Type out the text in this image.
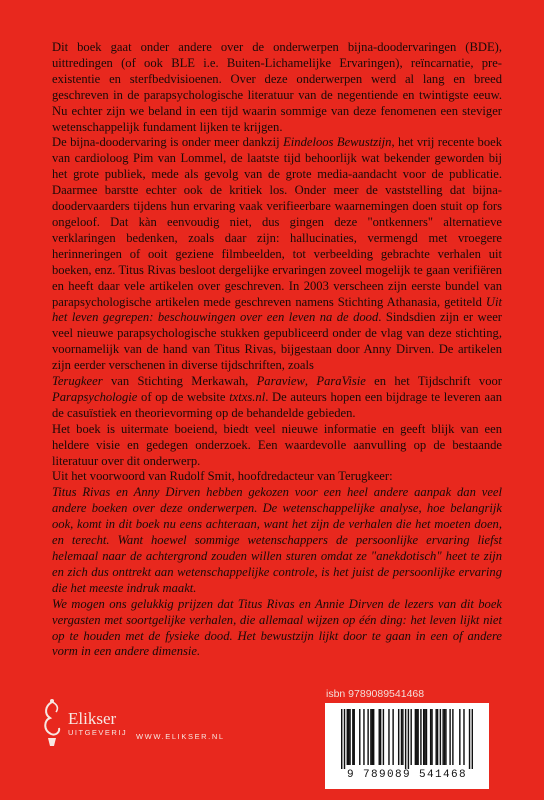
Dit boek gaat onder andere over de onderwerpen bijna-doodervaringen (BDE), uittredingen (of ook BLE i.e. Buiten-Lichamelijke Ervaringen), reïncarnatie, pre-existentie en sterfbedvisioenen. Over deze onderwerpen werd al lang en breed geschreven in de parapsychologische literatuur van de negentiende en twintigste eeuw. Nu echter zijn we beland in een tijd waarin sommige van deze fenomenen een steviger wetenschappelijk fundament lijken te krijgen.

De bijna-doodervaring is onder meer dankzij Eindeloos Bewustzijn, het vrij recente boek van cardioloog Pim van Lommel, de laatste tijd behoorlijk wat bekender geworden bij het grote publiek, mede als gevolg van de grote media-aandacht voor de publicatie. Daarmee barstte echter ook de kritiek los. Onder meer de vaststelling dat bijna-doodervaarders tijdens hun ervaring vaak verifieerbare waarnemingen doen stuit op fors ongeloof. Dat kàn eenvoudig niet, dus gingen deze "ontkenners" alternatieve verklaringen bedenken, zoals daar zijn: hallucinaties, vermengd met vroegere herinneringen of ooit geziene filmbeelden, tot verbeelding gebrachte verhalen uit boeken, enz. Titus Rivas besloot dergelijke ervaringen zoveel mogelijk te gaan verifiëren en heeft daar vele artikelen over geschreven. In 2003 verscheen zijn eerste bundel van parapsychologische artikelen mede geschreven namens Stichting Athanasia, getiteld Uit het leven gegrepen: beschouwingen over een leven na de dood. Sindsdien zijn er weer veel nieuwe parapsychologische stukken gepubliceerd onder de vlag van deze stichting, voornamelijk van de hand van Titus Rivas, bijgestaan door Anny Dirven. De artikelen zijn eerder verschenen in diverse tijdschriften, zoals

Terugkeer van Stichting Merkawah, Paraview, ParaVisie en het Tijdschrift voor Parapsychologie of op de website txtxs.nl. De auteurs hopen een bijdrage te leveren aan de casuïstiek en theorievorming op de behandelde gebieden.

Het boek is uitermate boeiend, biedt veel nieuwe informatie en geeft blijk van een heldere visie en gedegen onderzoek. Een waardevolle aanvulling op de bestaande literatuur over dit onderwerp.

Uit het voorwoord van Rudolf Smit, hoofdredacteur van Terugkeer:

Titus Rivas en Anny Dirven hebben gekozen voor een heel andere aanpak dan veel andere boeken over deze onderwerpen. De wetenschappelijke analyse, hoe belangrijk ook, komt in dit boek nu eens achteraan, want het zijn de verhalen die het moeten doen, en terecht. Want hoewel sommige wetenschappers de persoonlijke ervaring liefst helemaal naar de achtergrond zouden willen sturen omdat ze "anekdotisch" heet te zijn en zich dus onttrekt aan wetenschappelijke controle, is het juist de persoonlijke ervaring die het meeste indruk maakt.

We mogen ons gelukkig prijzen dat Titus Rivas en Annie Dirven de lezers van dit boek vergasten met soortgelijke verhalen, die allemaal wijzen op één ding: het leven lijkt niet op te houden met de fysieke dood. Het bewustzijn lijkt door te gaan in een of andere vorm in een andere dimensie.

Elikser
UITGEVERIJ WWW.ELIKSER.NL
isbn 9789089541468
9 789089 541468
